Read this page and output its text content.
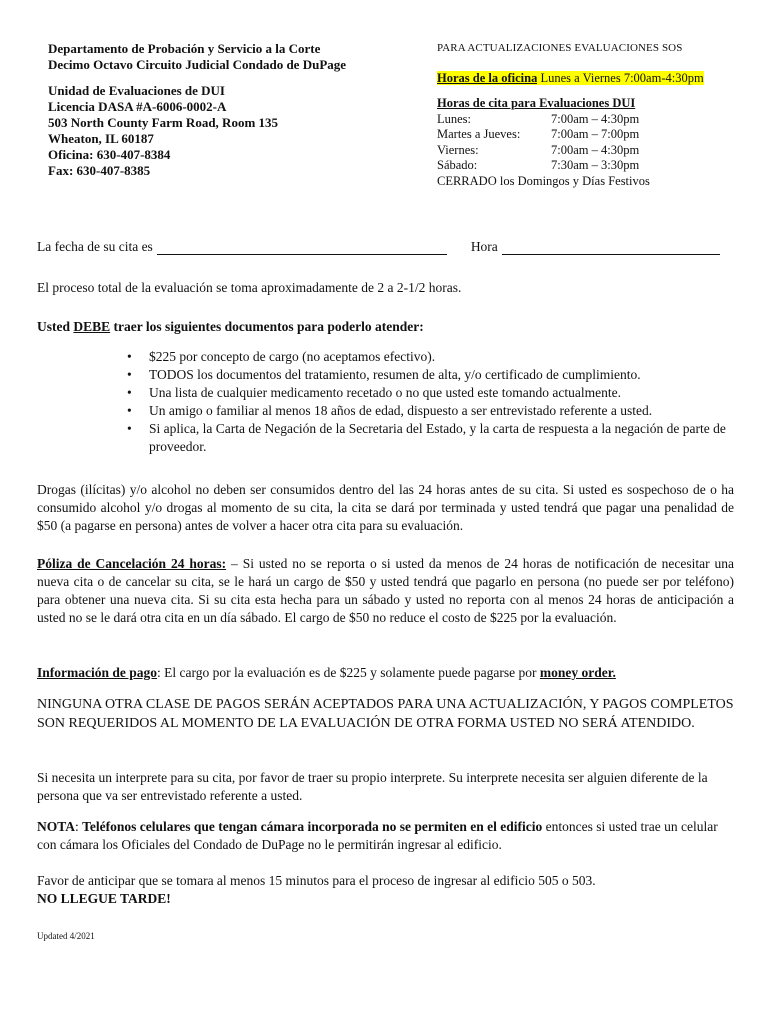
Departamento de Probación y Servicio a la Corte
Decimo Octavo Circuito Judicial Condado de DuPage
Unidad de Evaluaciones de DUI
Licencia DASA #A-6006-0002-A
503 North County Farm Road, Room 135
Wheaton, IL 60187
Oficina: 630-407-8384
Fax: 630-407-8385
PARA ACTUALIZACIONES EVALUACIONES SOS
Horas de la oficina Lunes a Viernes 7:00am-4:30pm
Horas de cita para Evaluaciones DUI
Lunes:	7:00am – 4:30pm
Martes a Jueves:	7:00am – 7:00pm
Viernes:	7:00am – 4:30pm
Sábado:	7:30am – 3:30pm
CERRADO los Domingos y Días Festivos
La fecha de su cita es	Hora
El proceso total de la evaluación se toma aproximadamente de 2 a 2-1/2 horas.
Usted DEBE traer los siguientes documentos para poderlo atender:
• $225 por concepto de cargo (no aceptamos efectivo).
• TODOS los documentos del tratamiento, resumen de alta, y/o certificado de cumplimiento.
• Una lista de cualquier medicamento recetado o no que usted este tomando actualmente.
• Un amigo o familiar al menos 18 años de edad, dispuesto a ser entrevistado referente a usted.
• Si aplica, la Carta de Negación de la Secretaria del Estado, y la carta de respuesta a la negación de parte de proveedor.
Drogas (ilícitas) y/o alcohol no deben ser consumidos dentro del las 24 horas antes de su cita. Si usted es sospechoso de o ha consumido alcohol y/o drogas al momento de su cita, la cita se dará por terminada y usted tendrá que pagar una penalidad de $50 (a pagarse en persona) antes de volver a hacer otra cita para su evaluación.
Póliza de Cancelación 24 horas: – Si usted no se reporta o si usted da menos de 24 horas de notificación de necesitar una nueva cita o de cancelar su cita, se le hará un cargo de $50 y usted tendrá que pagarlo en persona (no puede ser por teléfono) para obtener una nueva cita. Si su cita esta hecha para un sábado y usted no reporta con al menos 24 horas de anticipación a usted no se le dará otra cita en un día sábado. El cargo de $50 no reduce el costo de $225 por la evaluación.
Información de pago: El cargo por la evaluación es de $225 y solamente puede pagarse por money order.
NINGUNA OTRA CLASE DE PAGOS SERÁN ACEPTADOS PARA UNA ACTUALIZACIÓN, Y PAGOS COMPLETOS SON REQUERIDOS AL MOMENTO DE LA EVALUACIÓN DE OTRA FORMA USTED NO SERÁ ATENDIDO.
Si necesita un interprete para su cita, por favor de traer su propio interprete. Su interprete necesita ser alguien diferente de la persona que va ser entrevistado referente a usted.
NOTA: Teléfonos celulares que tengan cámara incorporada no se permiten en el edificio entonces si usted trae un celular con cámara los Oficiales del Condado de DuPage no le permitirán ingresar al edificio.
Favor de anticipar que se tomara al menos 15 minutos para el proceso de ingresar al edificio 505 o 503.
NO LLEGUE TARDE!
Updated 4/2021
